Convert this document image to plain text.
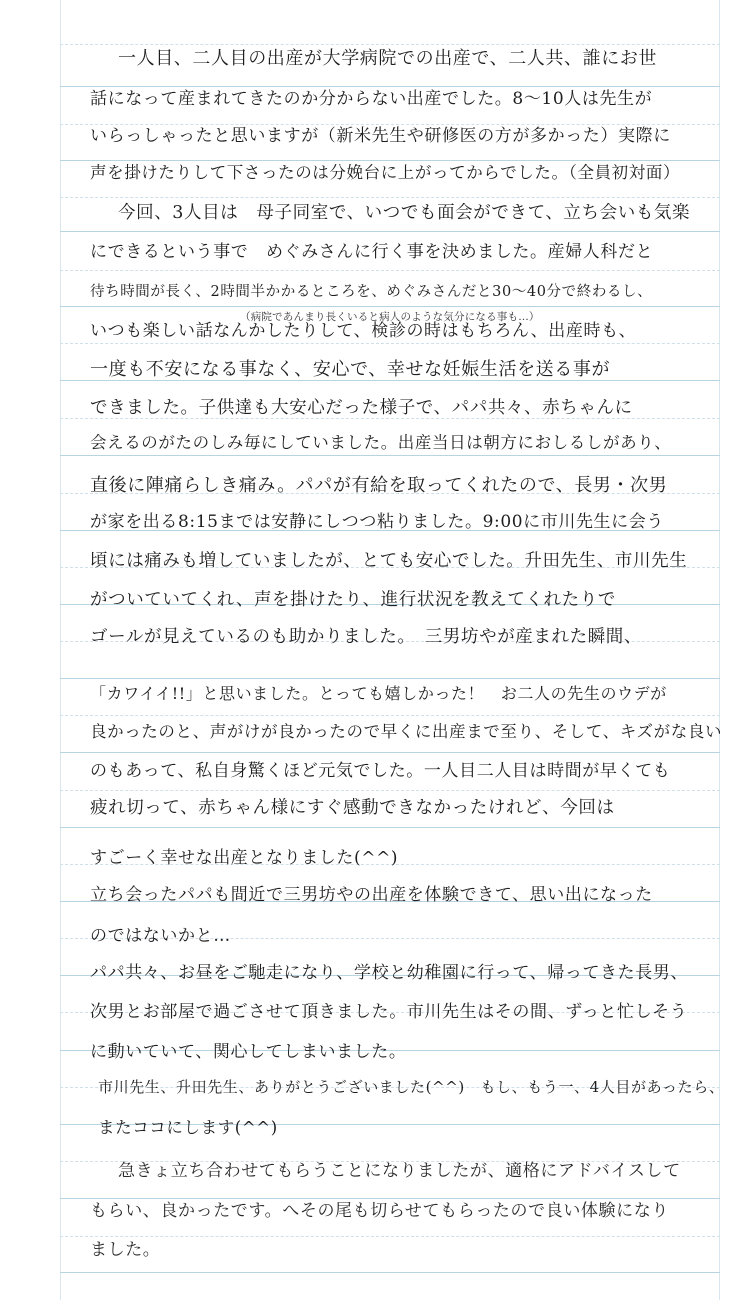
一人目、二人目の出産が大学病院での出産で、二人共、誰にお世
話になって産まれてきたのか分からない出産でした。8〜10人は先生が
いらっしゃったと思いますが（新米先生や研修医の方が多かった）実際に
声を掛けたりして下さったのは分娩台に上がってからでした。（全員初対面）
今回、3人目は　母子同室で、いつでも面会ができて、立ち会いも気楽
にできるという事で　めぐみさんに行く事を決めました。産婦人科だと
待ち時間が長く、2時間半かかるところを、めぐみさんだと30〜40分で終わるし、
（病院であんまり長くいると病人のような気分になる事も…）
いつも楽しい話なんかしたりして、検診の時はもちろん、出産時も、
一度も不安になる事なく、安心で、幸せな妊娠生活を送る事が
できました。子供達も大安心だった様子で、パパ共々、赤ちゃんに
会えるのがたのしみ毎にしていました。出産当日は朝方におしるしがあり、
直後に陣痛らしき痛み。パパが有給を取ってくれたので、長男・次男
が家を出る8:15までは安静にしつつ粘りました。9:00に市川先生に会う
頃には痛みも増していましたが、とても安心でした。升田先生、市川先生
がついていてくれ、声を掛けたり、進行状況を教えてくれたりで
ゴールが見えているのも助かりました。　三男坊やが産まれた瞬間、
「カワイイ!!」と思いました。とっても嬉しかった！　お二人の先生のウデが
良かったのと、声がけが良かったので早くに出産まで至り、そして、キズがな良い
のもあって、私自身驚くほど元気でした。一人目二人目は時間が早くても
疲れ切って、赤ちゃん様にすぐ感動できなかったけれど、今回は
すごーく幸せな出産となりました(^^)
立ち会ったパパも間近で三男坊やの出産を体験できて、思い出になった
のではないかと…
パパ共々、お昼をご馳走になり、学校と幼稚園に行って、帰ってきた長男、
次男とお部屋で過ごさせて頂きました。市川先生はその間、ずっと忙しそう
に動いていて、関心してしまいました。
市川先生、升田先生、ありがとうございました(^^)　もし、もう一、4人目があったら、
またココにします(^^)
急きょ立ち合わせてもらうことになりましたが、適格にアドバイスして
もらい、良かったです。へその尾も切らせてもらったので良い体験になり
ました。
